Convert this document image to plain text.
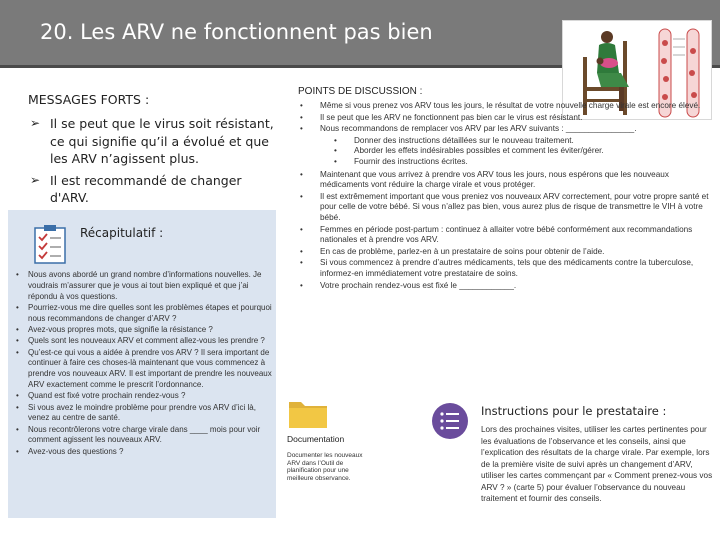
20. Les ARV ne fonctionnent pas bien
MESSAGES FORTS :
➢ Il se peut que le virus soit résistant, ce qui signifie qu’il a évolué et que les ARV n’agissent plus.
➢ Il est recommandé de changer d'ARV.
Récapitulatif :
• Nous avons abordé un grand nombre d’informations nouvelles. Je voudrais m’assurer que je vous ai tout bien expliqué et que j’ai répondu à vos questions.
• Pourriez-vous me dire quelles sont les problèmes étapes et pourquoi nous recommandons de changer d’ARV ?
• Avez-vous propres mots, que signifie la résistance ?
• Quels sont les nouveaux ARV et comment allez-vous les prendre ?
• Qu’est-ce qui vous a aidée à prendre vos ARV ? Il sera important de continuer à faire ces choses-là maintenant que vous commencez à prendre vos nouveaux ARV. Il est important de prendre les nouveaux ARV exactement comme le prescrit l’ordonnance.
• Quand est fixé votre prochain rendez-vous ?
• Si vous avez le moindre problème pour prendre vos ARV d’ici là, venez au centre de santé.
• Nous recontrôlerons votre charge virale dans ____ mois pour voir comment agissent les nouveaux ARV.
• Avez-vous des questions ?
POINTS DE DISCUSSION :
• Même si vous prenez vos ARV tous les jours, le résultat de votre nouvelle charge virale est encore élevé.
• Il se peut que les ARV ne fonctionnent pas bien car le virus est résistant.
• Nous recommandons de remplacer vos ARV par les ARV suivants : _______________.
• Donner des instructions détaillées sur le nouveau traitement.
• Aborder les effets indésirables possibles et comment les éviter/gérer.
• Fournir des instructions écrites.
• Maintenant que vous arrivez à prendre vos ARV tous les jours, nous espérons que les nouveaux médicaments vont réduire la charge virale et vous protéger.
• Il est extrêmement important que vous preniez vos nouveaux ARV correctement, pour votre propre santé et pour celle de votre bébé. Si vous n’allez pas bien, vous aurez plus de risque de transmettre le VIH à votre bébé.
• Femmes en période post-partum : continuez à allaiter votre bébé conformément aux recommandations nationales et à prendre vos ARV.
• En cas de problème, parlez-en à un prestataire de soins pour obtenir de l’aide.
• Si vous commencez à prendre d’autres médicaments, tels que des médicaments contre la tuberculose, informez-en immédiatement votre prestataire de soins.
• Votre prochain rendez-vous est fixé le ____________.
Documentation
Documenter les nouveaux ARV dans l’Outil de planification pour une meilleure observance.
Instructions pour le prestataire :
Lors des prochaines visites, utiliser les cartes pertinentes pour les évaluations de l’observance et les conseils, ainsi que l’explication des résultats de la charge virale. Par exemple, lors de la première visite de suivi après un changement d’ARV, utiliser les cartes commençant par « Comment prenez-vous vos ARV ? » (carte 5) pour évaluer l’observance du nouveau traitement et fournir des conseils.
